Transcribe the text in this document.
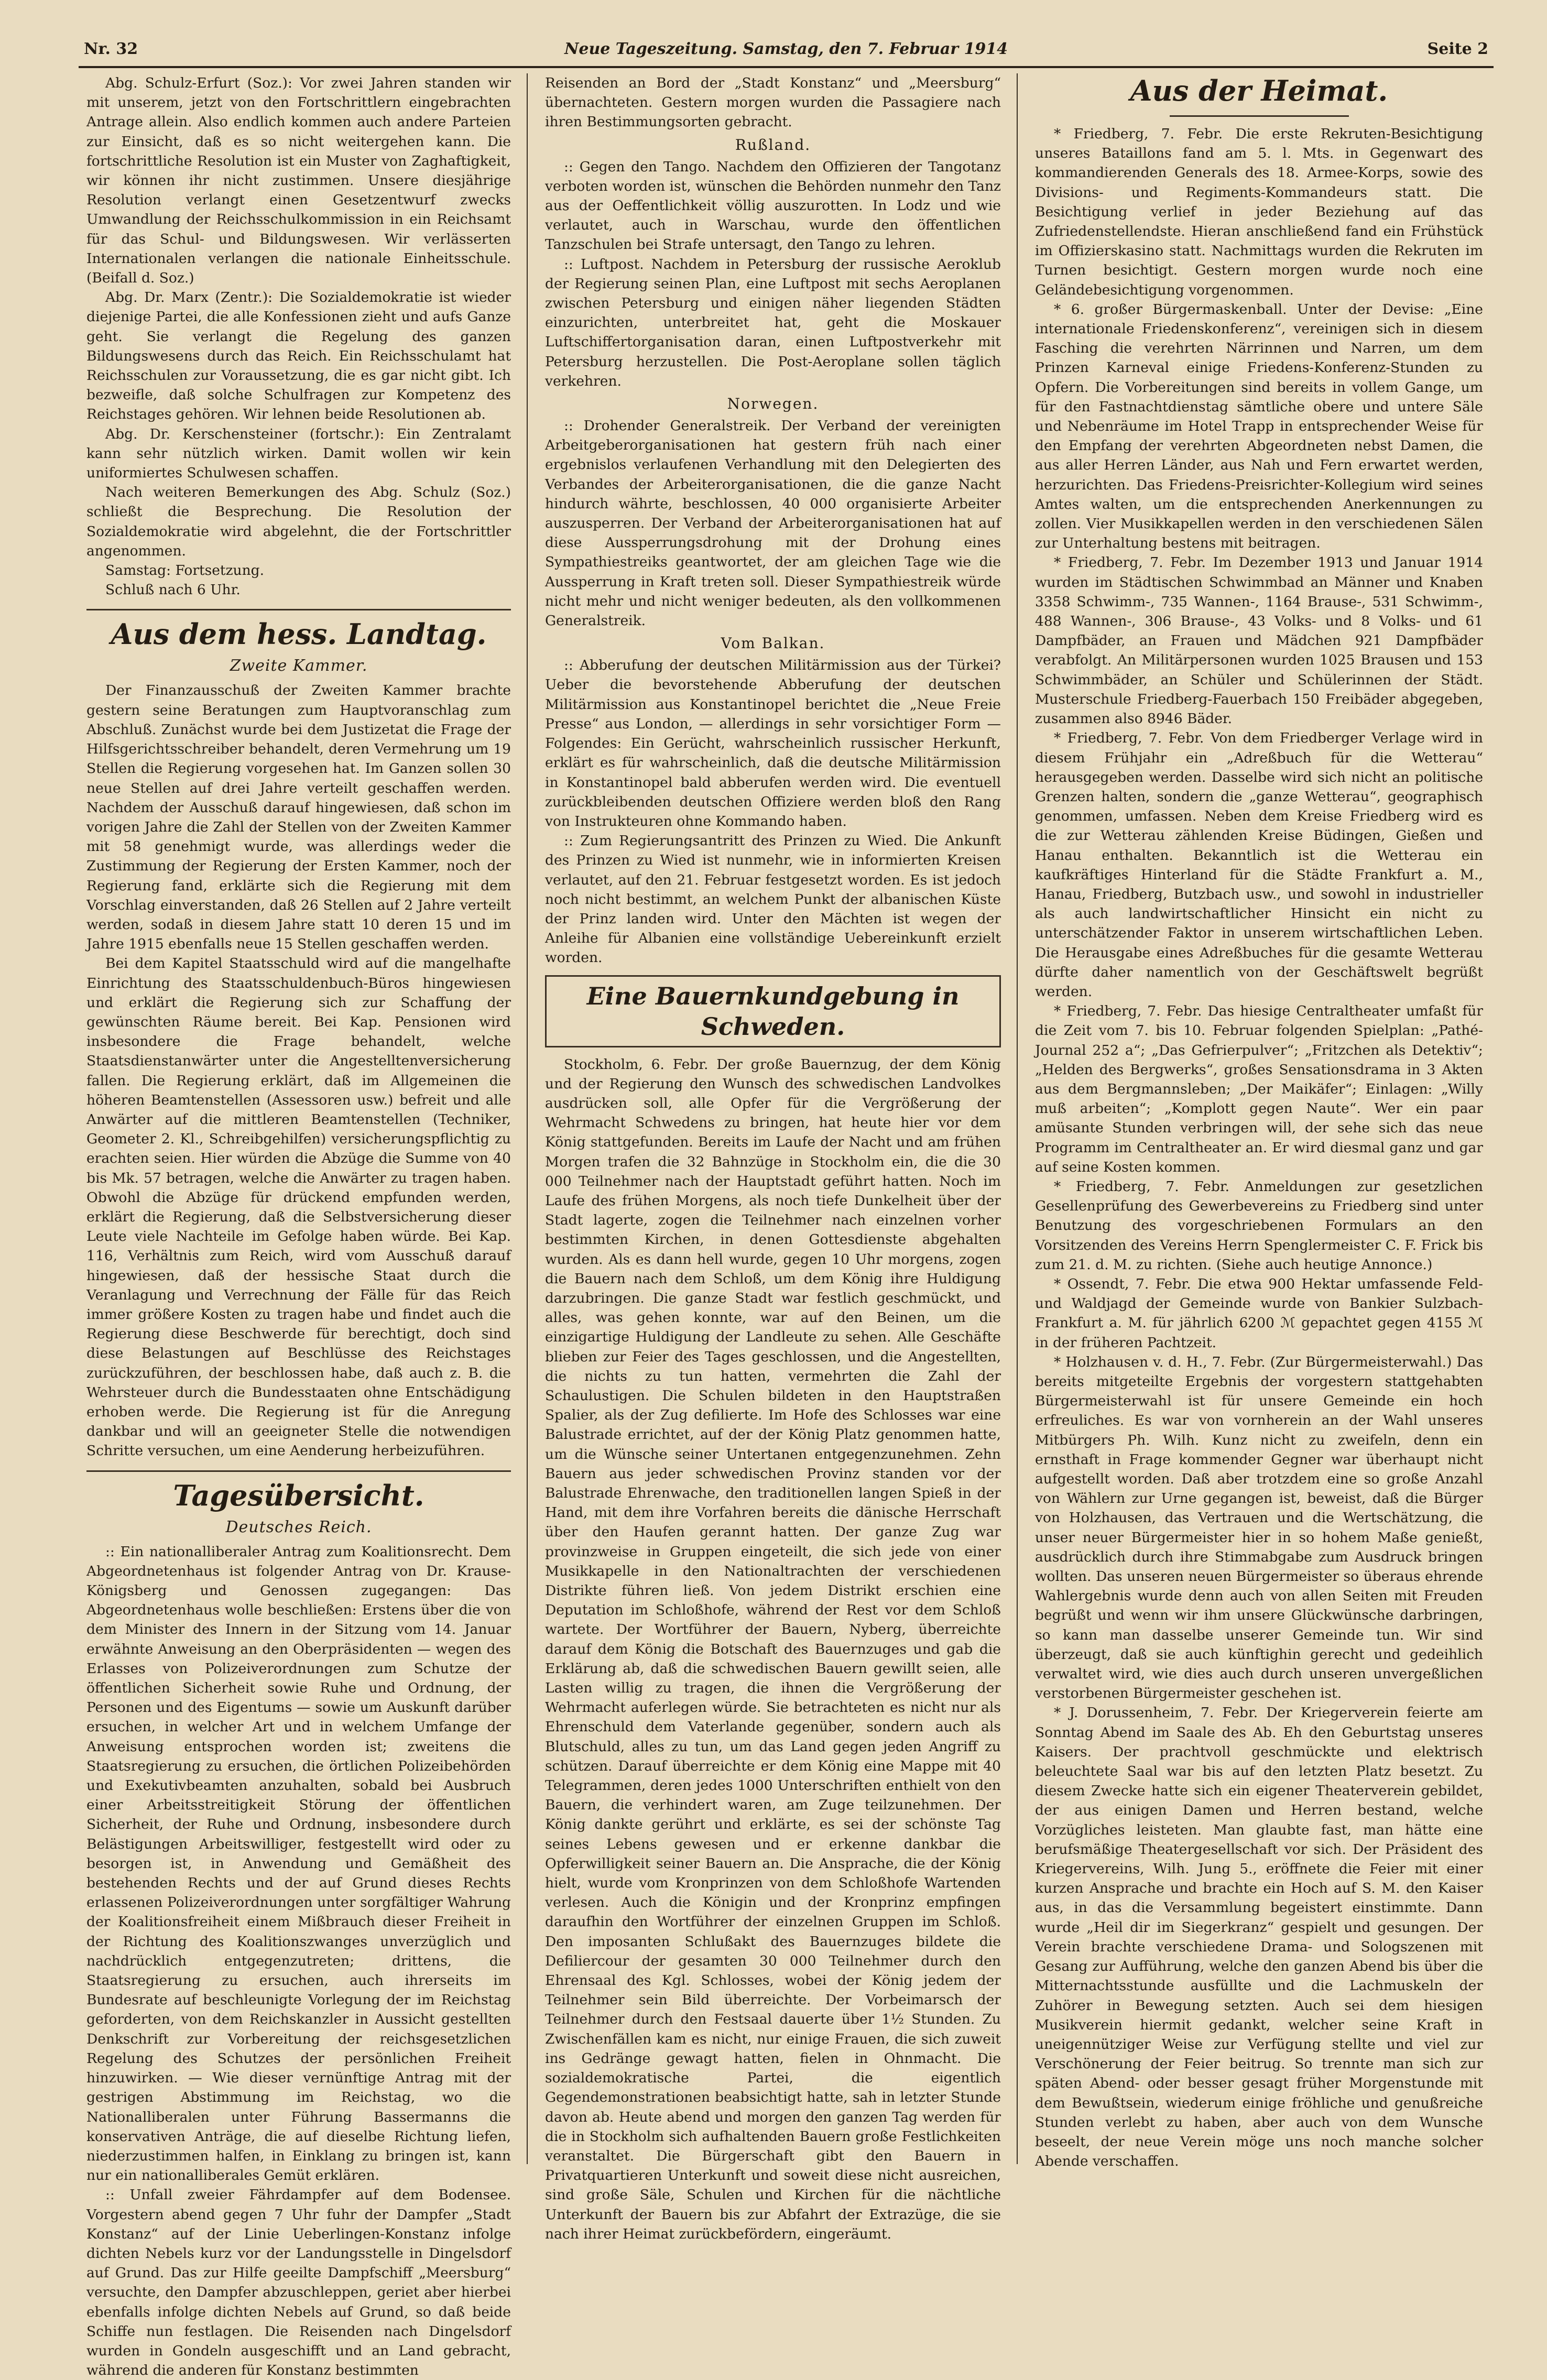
Nr. 32	Neue Tageszeitung. Samstag, den 7. Februar 1914	Seite 2

Abg. Schulz-Erfurt (Soz.): Vor zwei Jahren standen wir mit unserem, jetzt von den Fortschrittlern eingebrachten Antrage allein. Also endlich kommen auch andere Parteien zur Einsicht, daß es so nicht weitergehen kann. Die fortschrittliche Resolution ist ein Muster von Zaghaftigkeit, wir können ihr nicht zustimmen. Unsere diesjährige Resolution verlangt einen Gesetzentwurf zwecks Umwandlung der Reichsschulkommission in ein Reichsamt für das Schul- und Bildungswesen. Wir verlässerten Internationalen verlangen die nationale Einheitsschule. (Beifall d. Soz.)

Abg. Dr. Marx (Zentr.): Die Sozialdemokratie ist wieder diejenige Partei, die alle Konfessionen zieht und aufs Ganze geht. Sie verlangt die Regelung des ganzen Bildungswesens durch das Reich. Ein Reichsschulamt hat Reichsschulen zur Voraussetzung, die es gar nicht gibt. Ich bezweifle, daß solche Schulfragen zur Kompetenz des Reichstages gehören. Wir lehnen beide Resolutionen ab.

Abg. Dr. Kerschensteiner (fortschr.): Ein Zentralamt kann sehr nützlich wirken. Damit wollen wir kein uniformiertes Schulwesen schaffen.

Nach weiteren Bemerkungen des Abg. Schulz (Soz.) schließt die Besprechung. Die Resolution der Sozialdemokratie wird abgelehnt, die der Fortschrittler angenommen.

Samstag: Fortsetzung.

Schluß nach 6 Uhr.

Aus dem hess. Landtag.
Zweite Kammer.

Der Finanzausschuß der Zweiten Kammer brachte gestern seine Beratungen zum Hauptvoranschlag zum Abschluß. Zunächst wurde bei dem Justizetat die Frage der Hilfsgerichtsschreiber behandelt, deren Vermehrung um 19 Stellen die Regierung vorgesehen hat. Im Ganzen sollen 30 neue Stellen auf drei Jahre verteilt geschaffen werden. Nachdem der Ausschuß darauf hingewiesen, daß schon im vorigen Jahre die Zahl der Stellen von der Zweiten Kammer mit 58 genehmigt wurde, was allerdings weder die Zustimmung der Regierung der Ersten Kammer, noch der Regierung fand, erklärte sich die Regierung mit dem Vorschlag einverstanden, daß 26 Stellen auf 2 Jahre verteilt werden, sodaß in diesem Jahre statt 10 deren 15 und im Jahre 1915 ebenfalls neue 15 Stellen geschaffen werden.

Bei dem Kapitel Staatsschuld wird auf die mangelhafte Einrichtung des Staatsschuldenbuch-Büros hingewiesen und erklärt die Regierung sich zur Schaffung der gewünschten Räume bereit. Bei Kap. Pensionen wird insbesondere die Frage behandelt, welche Staatsdienstanwärter unter die Angestelltenversicherung fallen. Die Regierung erklärt, daß im Allgemeinen die höheren Beamtenstellen (Assessoren usw.) befreit und alle Anwärter auf die mittleren Beamtenstellen (Techniker, Geometer 2. Kl., Schreibgehilfen) versicherungspflichtig zu erachten seien. Hier würden die Abzüge die Summe von 40 bis Mk. 57 betragen, welche die Anwärter zu tragen haben. Obwohl die Abzüge für drückend empfunden werden, erklärt die Regierung, daß die Selbstversicherung dieser Leute viele Nachteile im Gefolge haben würde. Bei Kap. 116, Verhältnis zum Reich, wird vom Ausschuß darauf hingewiesen, daß der hessische Staat durch die Veranlagung und Verrechnung der Fälle für das Reich immer größere Kosten zu tragen habe und findet auch die Regierung diese Beschwerde für berechtigt, doch sind diese Belastungen auf Beschlüsse des Reichstages zurückzuführen, der beschlossen habe, daß auch z. B. die Wehrsteuer durch die Bundesstaaten ohne Entschädigung erhoben werde. Die Regierung ist für die Anregung dankbar und will an geeigneter Stelle die notwendigen Schritte versuchen, um eine Aenderung herbeizuführen.

Tagesübersicht.
Deutsches Reich.

:: Ein nationalliberaler Antrag zum Koalitionsrecht. Dem Abgeordnetenhaus ist folgender Antrag von Dr. Krause-Königsberg und Genossen zugegangen: Das Abgeordnetenhaus wolle beschließen: Erstens über die von dem Minister des Innern in der Sitzung vom 14. Januar erwähnte Anweisung an den Oberpräsidenten — wegen des Erlasses von Polizeiverordnungen zum Schutze der öffentlichen Sicherheit sowie Ruhe und Ordnung, der Personen und des Eigentums — sowie um Auskunft darüber ersuchen, in welcher Art und in welchem Umfange der Anweisung entsprochen worden ist; zweitens die Staatsregierung zu ersuchen, die örtlichen Polizeibehörden und Exekutivbeamten anzuhalten, sobald bei Ausbruch einer Arbeitsstreitigkeit Störung der öffentlichen Sicherheit, der Ruhe und Ordnung, insbesondere durch Belästigungen Arbeitswilliger, festgestellt wird oder zu besorgen ist, in Anwendung und Gemäßheit des bestehenden Rechts und der auf Grund dieses Rechts erlassenen Polizeiverordnungen unter sorgfältiger Wahrung der Koalitionsfreiheit einem Mißbrauch dieser Freiheit in der Richtung des Koalitionszwanges unverzüglich und nachdrücklich entgegenzutreten; drittens, die Staatsregierung zu ersuchen, auch ihrerseits im Bundesrate auf beschleunigte Vorlegung der im Reichstag geforderten, von dem Reichskanzler in Aussicht gestellten Denkschrift zur Vorbereitung der reichsgesetzlichen Regelung des Schutzes der persönlichen Freiheit hinzuwirken. — Wie dieser vernünftige Antrag mit der gestrigen Abstimmung im Reichstag, wo die Nationalliberalen unter Führung Bassermanns die konservativen Anträge, die auf dieselbe Richtung liefen, niederzustimmen halfen, in Einklang zu bringen ist, kann nur ein nationalliberales Gemüt erklären.

:: Unfall zweier Fährdampfer auf dem Bodensee. Vorgestern abend gegen 7 Uhr fuhr der Dampfer „Stadt Konstanz“ auf der Linie Ueberlingen-Konstanz infolge dichten Nebels kurz vor der Landungsstelle in Dingelsdorf auf Grund. Das zur Hilfe geeilte Dampfschiff „Meersburg“ versuchte, den Dampfer abzuschleppen, geriet aber hierbei ebenfalls infolge dichten Nebels auf Grund, so daß beide Schiffe nun festlagen. Die Reisenden nach Dingelsdorf wurden in Gondeln ausgeschifft und an Land gebracht, während die anderen für Konstanz bestimmten

Reisenden an Bord der „Stadt Konstanz“ und „Meersburg“ übernachteten. Gestern morgen wurden die Passagiere nach ihren Bestimmungsorten gebracht.

Rußland.

:: Gegen den Tango. Nachdem den Offizieren der Tangotanz verboten worden ist, wünschen die Behörden nunmehr den Tanz aus der Oeffentlichkeit völlig auszurotten. In Lodz und wie verlautet, auch in Warschau, wurde den öffentlichen Tanzschulen bei Strafe untersagt, den Tango zu lehren.

:: Luftpost. Nachdem in Petersburg der russische Aeroklub der Regierung seinen Plan, eine Luftpost mit sechs Aeroplanen zwischen Petersburg und einigen näher liegenden Städten einzurichten, unterbreitet hat, geht die Moskauer Luftschiffertorganisation daran, einen Luftpostverkehr mit Petersburg herzustellen. Die Post-Aeroplane sollen täglich verkehren.

Norwegen.

:: Drohender Generalstreik. Der Verband der vereinigten Arbeitgeberorganisationen hat gestern früh nach einer ergebnislos verlaufenen Verhandlung mit den Delegierten des Verbandes der Arbeiterorganisationen, die die ganze Nacht hindurch währte, beschlossen, 40 000 organisierte Arbeiter auszusperren. Der Verband der Arbeiterorganisationen hat auf diese Aussperrungsdrohung mit der Drohung eines Sympathiestreiks geantwortet, der am gleichen Tage wie die Aussperrung in Kraft treten soll. Dieser Sympathiestreik würde nicht mehr und nicht weniger bedeuten, als den vollkommenen Generalstreik.

Vom Balkan.

:: Abberufung der deutschen Militärmission aus der Türkei? Ueber die bevorstehende Abberufung der deutschen Militärmission aus Konstantinopel berichtet die „Neue Freie Presse“ aus London, — allerdings in sehr vorsichtiger Form — Folgendes: Ein Gerücht, wahrscheinlich russischer Herkunft, erklärt es für wahrscheinlich, daß die deutsche Militärmission in Konstantinopel bald abberufen werden wird. Die eventuell zurückbleibenden deutschen Offiziere werden bloß den Rang von Instrukteuren ohne Kommando haben.

:: Zum Regierungsantritt des Prinzen zu Wied. Die Ankunft des Prinzen zu Wied ist nunmehr, wie in informierten Kreisen verlautet, auf den 21. Februar festgesetzt worden. Es ist jedoch noch nicht bestimmt, an welchem Punkt der albanischen Küste der Prinz landen wird. Unter den Mächten ist wegen der Anleihe für Albanien eine vollständige Uebereinkunft erzielt worden.

Eine Bauernkundgebung in Schweden.

Stockholm, 6. Febr. Der große Bauernzug, der dem König und der Regierung den Wunsch des schwedischen Landvolkes ausdrücken soll, alle Opfer für die Vergrößerung der Wehrmacht Schwedens zu bringen, hat heute hier vor dem König stattgefunden. Bereits im Laufe der Nacht und am frühen Morgen trafen die 32 Bahnzüge in Stockholm ein, die die 30 000 Teilnehmer nach der Hauptstadt geführt hatten. Noch im Laufe des frühen Morgens, als noch tiefe Dunkelheit über der Stadt lagerte, zogen die Teilnehmer nach einzelnen vorher bestimmten Kirchen, in denen Gottesdienste abgehalten wurden. Als es dann hell wurde, gegen 10 Uhr morgens, zogen die Bauern nach dem Schloß, um dem König ihre Huldigung darzubringen. Die ganze Stadt war festlich geschmückt, und alles, was gehen konnte, war auf den Beinen, um die einzigartige Huldigung der Landleute zu sehen. Alle Geschäfte blieben zur Feier des Tages geschlossen, und die Angestellten, die nichts zu tun hatten, vermehrten die Zahl der Schaulustigen. Die Schulen bildeten in den Hauptstraßen Spalier, als der Zug defilierte. Im Hofe des Schlosses war eine Balustrade errichtet, auf der der König Platz genommen hatte, um die Wünsche seiner Untertanen entgegenzunehmen. Zehn Bauern aus jeder schwedischen Provinz standen vor der Balustrade Ehrenwache, den traditionellen langen Spieß in der Hand, mit dem ihre Vorfahren bereits die dänische Herrschaft über den Haufen gerannt hatten. Der ganze Zug war provinzweise in Gruppen eingeteilt, die sich jede von einer Musikkapelle in den Nationaltrachten der verschiedenen Distrikte führen ließ. Von jedem Distrikt erschien eine Deputation im Schloßhofe, während der Rest vor dem Schloß wartete. Der Wortführer der Bauern, Nyberg, überreichte darauf dem König die Botschaft des Bauernzuges und gab die Erklärung ab, daß die schwedischen Bauern gewillt seien, alle Lasten willig zu tragen, die ihnen die Vergrößerung der Wehrmacht auferlegen würde. Sie betrachteten es nicht nur als Ehrenschuld dem Vaterlande gegenüber, sondern auch als Blutschuld, alles zu tun, um das Land gegen jeden Angriff zu schützen. Darauf überreichte er dem König eine Mappe mit 40 Telegrammen, deren jedes 1000 Unterschriften enthielt von den Bauern, die verhindert waren, am Zuge teilzunehmen. Der König dankte gerührt und erklärte, es sei der schönste Tag seines Lebens gewesen und er erkenne dankbar die Opferwilligkeit seiner Bauern an. Die Ansprache, die der König hielt, wurde vom Kronprinzen von dem Schloßhofe Wartenden verlesen. Auch die Königin und der Kronprinz empfingen daraufhin den Wortführer der einzelnen Gruppen im Schloß. Den imposanten Schlußakt des Bauernzuges bildete die Defiliercour der gesamten 30 000 Teilnehmer durch den Ehrensaal des Kgl. Schlosses, wobei der König jedem der Teilnehmer sein Bild überreichte. Der Vorbeimarsch der Teilnehmer durch den Festsaal dauerte über 1½ Stunden. Zu Zwischenfällen kam es nicht, nur einige Frauen, die sich zuweit ins Gedränge gewagt hatten, fielen in Ohnmacht. Die sozialdemokratische Partei, die eigentlich Gegendemonstrationen beabsichtigt hatte, sah in letzter Stunde davon ab. Heute abend und morgen den ganzen Tag werden für die in Stockholm sich aufhaltenden Bauern große Festlichkeiten veranstaltet. Die Bürgerschaft gibt den Bauern in Privatquartieren Unterkunft und soweit diese nicht ausreichen, sind große Säle, Schulen und Kirchen für die nächtliche Unterkunft der Bauern bis zur Abfahrt der Extrazüge, die sie nach ihrer Heimat zurückbefördern, eingeräumt.

Aus der Heimat.

* Friedberg, 7. Febr. Die erste Rekruten-Besichtigung unseres Bataillons fand am 5. l. Mts. in Gegenwart des kommandierenden Generals des 18. Armee-Korps, sowie des Divisions- und Regiments-Kommandeurs statt. Die Besichtigung verlief in jeder Beziehung auf das Zufriedenstellendste. Hieran anschließend fand ein Frühstück im Offizierskasino statt. Nachmittags wurden die Rekruten im Turnen besichtigt. Gestern morgen wurde noch eine Geländebesichtigung vorgenommen.

* 6. großer Bürgermaskenball. Unter der Devise: „Eine internationale Friedenskonferenz“, vereinigen sich in diesem Fasching die verehrten Närrinnen und Narren, um dem Prinzen Karneval einige Friedens-Konferenz-Stunden zu Opfern. Die Vorbereitungen sind bereits in vollem Gange, um für den Fastnachtdienstag sämtliche obere und untere Säle und Nebenräume im Hotel Trapp in entsprechender Weise für den Empfang der verehrten Abgeordneten nebst Damen, die aus aller Herren Länder, aus Nah und Fern erwartet werden, herzurichten. Das Friedens-Preisrichter-Kollegium wird seines Amtes walten, um die entsprechenden Anerkennungen zu zollen. Vier Musikkapellen werden in den verschiedenen Sälen zur Unterhaltung bestens mit beitragen.

* Friedberg, 7. Febr. Im Dezember 1913 und Januar 1914 wurden im Städtischen Schwimmbad an Männer und Knaben 3358 Schwimm-, 735 Wannen-, 1164 Brause-, 531 Schwimm-, 488 Wannen-, 306 Brause-, 43 Volks- und 8 Volks- und 61 Dampfbäder, an Frauen und Mädchen 921 Dampfbäder verabfolgt. An Militärpersonen wurden 1025 Brausen und 153 Schwimmbäder, an Schüler und Schülerinnen der Städt. Musterschule Friedberg-Fauerbach 150 Freibäder abgegeben, zusammen also 8946 Bäder.

* Friedberg, 7. Febr. Von dem Friedberger Verlage wird in diesem Frühjahr ein „Adreßbuch für die Wetterau“ herausgegeben werden. Dasselbe wird sich nicht an politische Grenzen halten, sondern die „ganze Wetterau“, geographisch genommen, umfassen. Neben dem Kreise Friedberg wird es die zur Wetterau zählenden Kreise Büdingen, Gießen und Hanau enthalten. Bekanntlich ist die Wetterau ein kaufkräftiges Hinterland für die Städte Frankfurt a. M., Hanau, Friedberg, Butzbach usw., und sowohl in industrieller als auch landwirtschaftlicher Hinsicht ein nicht zu unterschätzender Faktor in unserem wirtschaftlichen Leben. Die Herausgabe eines Adreßbuches für die gesamte Wetterau dürfte daher namentlich von der Geschäftswelt begrüßt werden.

* Friedberg, 7. Febr. Das hiesige Centraltheater umfaßt für die Zeit vom 7. bis 10. Februar folgenden Spielplan: „Pathé-Journal 252 a“; „Das Gefrierpulver“; „Fritzchen als Detektiv“; „Helden des Bergwerks“, großes Sensationsdrama in 3 Akten aus dem Bergmannsleben; „Der Maikäfer“; Einlagen: „Willy muß arbeiten“; „Komplott gegen Naute“. Wer ein paar amüsante Stunden verbringen will, der sehe sich das neue Programm im Centraltheater an. Er wird diesmal ganz und gar auf seine Kosten kommen.

* Friedberg, 7. Febr. Anmeldungen zur gesetzlichen Gesellenprüfung des Gewerbevereins zu Friedberg sind unter Benutzung des vorgeschriebenen Formulars an den Vorsitzenden des Vereins Herrn Spenglermeister C. F. Frick bis zum 21. d. M. zu richten. (Siehe auch heutige Annonce.)

* Ossendt, 7. Febr. Die etwa 900 Hektar umfassende Feld- und Waldjagd der Gemeinde wurde von Bankier Sulzbach-Frankfurt a. M. für jährlich 6200 ℳ gepachtet gegen 4155 ℳ in der früheren Pachtzeit.

* Holzhausen v. d. H., 7. Febr. (Zur Bürgermeisterwahl.) Das bereits mitgeteilte Ergebnis der vorgestern stattgehabten Bürgermeisterwahl ist für unsere Gemeinde ein hoch erfreuliches. Es war von vornherein an der Wahl unseres Mitbürgers Ph. Wilh. Kunz nicht zu zweifeln, denn ein ernsthaft in Frage kommender Gegner war überhaupt nicht aufgestellt worden. Daß aber trotzdem eine so große Anzahl von Wählern zur Urne gegangen ist, beweist, daß die Bürger von Holzhausen, das Vertrauen und die Wertschätzung, die unser neuer Bürgermeister hier in so hohem Maße genießt, ausdrücklich durch ihre Stimmabgabe zum Ausdruck bringen wollten. Das unseren neuen Bürgermeister so überaus ehrende Wahlergebnis wurde denn auch von allen Seiten mit Freuden begrüßt und wenn wir ihm unsere Glückwünsche darbringen, so kann man dasselbe unserer Gemeinde tun. Wir sind überzeugt, daß sie auch künftighin gerecht und gedeihlich verwaltet wird, wie dies auch durch unseren unvergeßlichen verstorbenen Bürgermeister geschehen ist.

* J. Dorussenheim, 7. Febr. Der Kriegerverein feierte am Sonntag Abend im Saale des Ab. Eh den Geburtstag unseres Kaisers. Der prachtvoll geschmückte und elektrisch beleuchtete Saal war bis auf den letzten Platz besetzt. Zu diesem Zwecke hatte sich ein eigener Theaterverein gebildet, der aus einigen Damen und Herren bestand, welche Vorzügliches leisteten. Man glaubte fast, man hätte eine berufsmäßige Theatergesellschaft vor sich. Der Präsident des Kriegervereins, Wilh. Jung 5., eröffnete die Feier mit einer kurzen Ansprache und brachte ein Hoch auf S. M. den Kaiser aus, in das die Versammlung begeistert einstimmte. Dann wurde „Heil dir im Siegerkranz“ gespielt und gesungen. Der Verein brachte verschiedene Drama- und Sologszenen mit Gesang zur Aufführung, welche den ganzen Abend bis über die Mitternachtsstunde ausfüllte und die Lachmuskeln der Zuhörer in Bewegung setzten. Auch sei dem hiesigen Musikverein hiermit gedankt, welcher seine Kraft in uneigennütziger Weise zur Verfügung stellte und viel zur Verschönerung der Feier beitrug. So trennte man sich zur späten Abend- oder besser gesagt früher Morgenstunde mit dem Bewußtsein, wiederum einige fröhliche und genußreiche Stunden verlebt zu haben, aber auch von dem Wunsche beseelt, der neue Verein möge uns noch manche solcher Abende verschaffen.
